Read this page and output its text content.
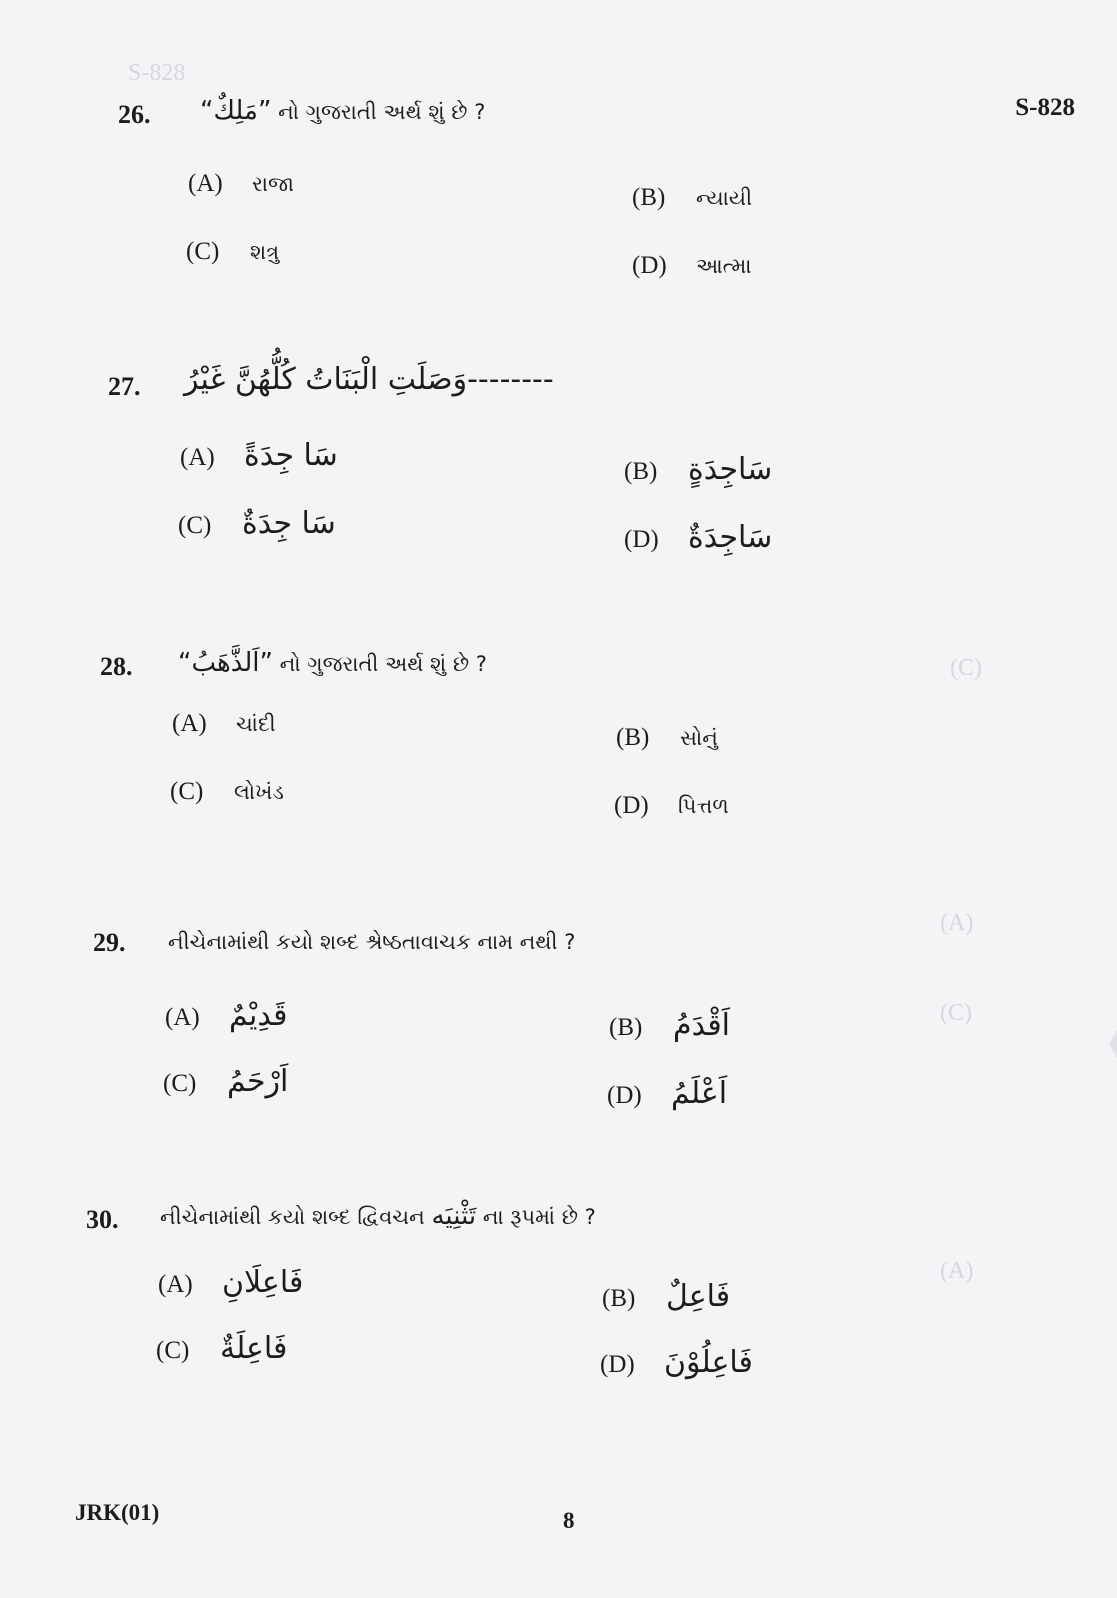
S-828
S-828
(C)
(A)
(C)
(A)
26. “مَلِكٌ” નો ગુજરાતી અર્થ શું છે ?
(A) રાજા	(B) ન્યાયી
(C) શત્રુ	(D) આત્મા
27. وَصَلَتِ الْبَنَاتُ كُلُّهُنَّ غَيْرُ--------
(A) سَا جِدَةً	(B) سَاجِدَةٍ
(C) سَا جِدَةٌ	(D) سَاجِدَةٌ
28. “اَلذَّهَبُ” નો ગુજરાતી અર્થ શું છે ?
(A) ચાંદી	(B) સોનું
(C) લોખંડ	(D) પિત્તળ
29. નીચેનામાંથી કયો શબ્દ શ્રેષ્ઠતાવાચક નામ નથી ?
(A) قَدِيْمٌ	(B) اَقْدَمُ
(C) اَرْحَمُ	(D) اَعْلَمُ
30. નીચેનામાંથી કયો શબ્દ દ્વિવચન تَثْنِيَه ના રૂપમાં છે ?
(A) فَاعِلَانِ	(B) فَاعِلٌ
(C) فَاعِلَةٌ	(D) فَاعِلُوْنَ
JRK(01)	8
